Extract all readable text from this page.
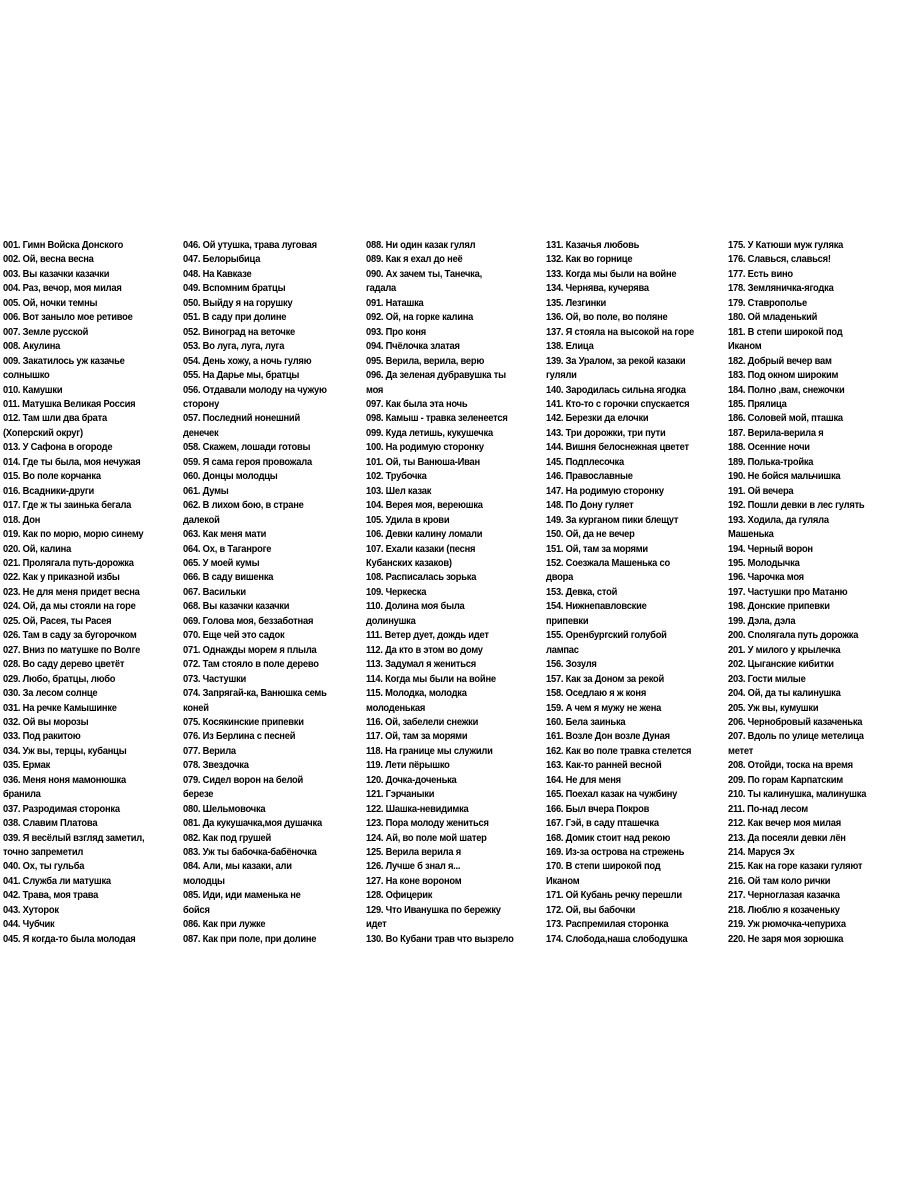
001. Гимн Войска Донского
002. Ой, весна весна
003. Вы казачки казачки
004. Раз, вечор, моя милая
005. Ой, ночки темны
006. Вот заныло мое ретивое
007. Земле русской
008. Акулина
009. Закатилось уж казачье
солнышко
010. Камушки
011. Матушка Великая Россия
012. Там шли два брата
(Хоперский округ)
013. У Сафона в огороде
014. Где ты была, моя нечужая
015. Во поле корчанка
016. Всадники-други
017. Где ж ты заинька бегала
018. Дон
019. Как по морю, морю синему
020. Ой, калина
021. Пролягала путь-дорожка
022. Как у приказной избы
023. Не для меня придет весна
024. Ой, да мы стояли на горе
025. Ой, Расея, ты Расея
026. Там в саду за бугорочком
027. Вниз по матушке по Волге
028. Во саду дерево цветёт
029. Любо, братцы, любо
030. За лесом солнце
031. На речке Камышинке
032. Ой вы морозы
033. Под ракитою
034. Уж вы, терцы, кубанцы
035. Ермак
036. Меня ноня мамонюшка
бранила
037. Разродимая сторонка
038. Славим Платова
039. Я весёлый взгляд заметил,
точно запреметил
040. Ох, ты гульба
041. Служба ли матушка
042. Трава, моя трава
043. Хуторок
044. Чубчик
045. Я когда-то была молодая
046. Ой утушка, трава луговая
047. Белорыбица
048. На Кавказе
049. Вспомним братцы
050. Выйду я на горушку
051. В саду при долине
052. Виноград на веточке
053. Во луга, луга, луга
054. День хожу, а ночь гуляю
055. На Дарье мы, братцы
056. Отдавали молоду на чужую
сторону
057. Последний нонешний
денечек
058. Скажем, лошади готовы
059. Я сама героя провожала
060. Донцы молодцы
061. Думы
062. В лихом бою, в стране
далекой
063. Как меня мати
064. Ох, в Таганроге
065. У моей кумы
066. В саду вишенка
067. Васильки
068. Вы казачки казачки
069. Голова моя, беззаботная
070. Еще чей это садок
071. Однажды морем я плыла
072. Там стояло в поле дерево
073. Частушки
074. Запрягай-ка, Ванюшка семь
коней
075. Косякинские припевки
076. Из Берлина с песней
077. Верила
078. Звездочка
079. Сидел ворон на белой
березе
080. Шельмовочка
081. Да кукушачка,моя душачка
082. Как под грушей
083. Уж ты бабочка-бабёночка
084. Али, мы казаки, али
молодцы
085. Иди, иди маменька не
бойся
086. Как при лужке
087. Как при поле, при долине
088. Ни один казак гулял
089. Как я ехал до неё
090. Ах зачем ты, Танечка,
гадала
091. Наташка
092. Ой, на горке калина
093. Про коня
094. Пчёлочка златая
095. Верила, верила, верю
096. Да зеленая дубравушка ты
моя
097. Как была эта ночь
098. Камыш - травка зеленеется
099. Куда летишь, кукушечка
100. На родимую сторонку
101. Ой, ты Ванюша-Иван
102. Трубочка
103. Шел казак
104. Верея моя, вереюшка
105. Удила в крови
106. Девки калину ломали
107. Ехали казаки (песня
Кубанских казаков)
108. Расписалась зорька
109. Черкеска
110. Долина моя была
долинушка
111. Ветер дует, дождь идет
112. Да кто в этом во дому
113. Задумал я жениться
114. Когда мы были на войне
115. Молодка, молодка
молоденькая
116. Ой, забелели снежки
117. Ой, там за морями
118. На границе мы служили
119. Лети пёрышко
120. Дочка-доченька
121. Гэрчаныки
122. Шашка-невидимка
123. Пора молоду жениться
124. Ай, во поле мой шатер
125. Верила верила я
126. Лучше б знал я...
127. На коне вороном
128. Офицерик
129. Что Иванушка по бережку
идет
130. Во Кубани трав что вызрело
131. Казачья любовь
132. Как во горнице
133. Когда мы были на войне
134. Чернява, кучерява
135. Лезгинки
136. Ой, во поле, во поляне
137. Я стояла на высокой на горе
138. Елица
139. За Уралом, за рекой казаки
гуляли
140. Зародилась сильна ягодка
141. Кто-то с горочки спускается
142. Березки да елочки
143. Три дорожки, три пути
144. Вишня белоснежная цветет
145. Подплесочка
146. Православные
147. На родимую сторонку
148. По Дону гуляет
149. За курганом пики блещут
150. Ой, да не вечер
151. Ой, там за морями
152. Соезжала Машенька со
двора
153. Девка, стой
154. Нижнепавловские
припевки
155. Оренбургский голубой
лампас
156. Зозуля
157. Как за Доном за рекой
158. Оседлаю я ж коня
159. А чем я мужу не жена
160. Бела заинька
161. Возле Дон возле Дуная
162. Как во поле травка стелется
163. Как-то ранней весной
164. Не для меня
165. Поехал казак на чужбину
166. Был вчера Покров
167. Гэй, в саду пташечка
168. Домик стоит над рекою
169. Из-за острова на стрежень
170. В степи широкой под
Иканом
171. Ой Кубань речку перешли
172. Ой, вы бабочки
173. Распремилая сторонка
174. Слобода,наша слободушка
175. У Катюши муж гуляка
176. Славься, славься!
177. Есть вино
178. Земляничка-ягодка
179. Ставрополье
180. Ой младенький
181. В степи широкой под
Иканом
182. Добрый вечер вам
183. Под окном широким
184. Полно ,вам, снежочки
185. Прялица
186. Соловей мой, пташка
187. Верила-верила я
188. Осенние ночи
189. Полька-тройка
190. Не бойся мальчишка
191. Ой вечера
192. Пошли девки в лес гулять
193. Ходила, да гуляла
Машенька
194. Черный ворон
195. Молодычка
196. Чарочка моя
197. Частушки про Матаню
198. Донские припевки
199. Дэла, дэла
200. Сполягала путь дорожка
201. У милого у крылечка
202. Цыганские кибитки
203. Гости милые
204. Ой, да ты калинушка
205. Уж вы, кумушки
206. Чернобровый казаченька
207. Вдоль по улице метелица
метет
208. Отойди, тоска на время
209. По горам Карпатским
210. Ты калинушка, малинушка
211. По-над лесом
212. Как вечер моя милая
213. Да посеяли девки лён
214. Маруся Эх
215. Как на горе казаки гуляют
216. Ой там коло рички
217. Черноглазая казачка
218. Люблю я козаченьку
219. Уж рюмочка-чепуриха
220. Не заря моя зорюшка
